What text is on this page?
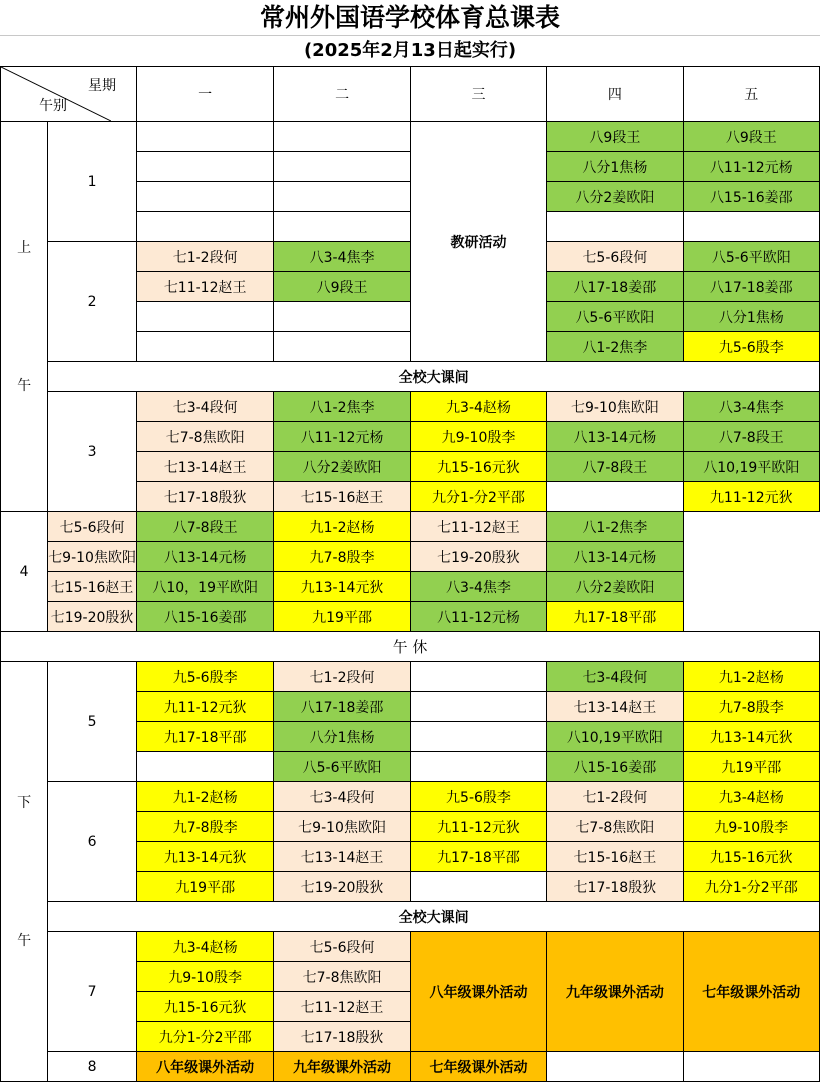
常州外国语学校体育总课表
(2025年2月13日起实行)
星期
午别		一	二	三	四	五
上

午	1			教研活动	八9段王	八9段王
					八分1焦杨	八11-12元杨
					八分2姜欧阳	八15-16姜邵

	2	七1-2段何	八3-4焦李		七5-6段何	八5-6平欧阳
		七11-12赵王	八9段王		八17-18姜邵	八17-18姜邵
					八5-6平欧阳	八分1焦杨
					八1-2焦李	九5-6殷李
	全校大课间					
	3	七3-4段何	八1-2焦李	九3-4赵杨	七9-10焦欧阳	八3-4焦李
		七7-8焦欧阳	八11-12元杨	九9-10殷李	八13-14元杨	八7-8段王
		七13-14赵王	八分2姜欧阳	九15-16元狄	八7-8段王	八10,19平欧阳
		七17-18殷狄	七15-16赵王	九分1-分2平邵		九11-12元狄
4	七5-6段何	八7-8段王	九1-2赵杨	七11-12赵王	八1-2焦李	
	七9-10焦欧阳	八13-14元杨	九7-8殷李	七19-20殷狄	八13-14元杨	
	七15-16赵王	八10，19平欧阳	九13-14元狄	八3-4焦李	八分2姜欧阳	
	七19-20殷狄	八15-16姜邵	九19平邵	八11-12元杨	九17-18平邵	
午 休						
下

午	5	九5-6殷李	七1-2段何		七3-4段何	九1-2赵杨
		九11-12元狄	八17-18姜邵		七13-14赵王	九7-8殷李
		九17-18平邵	八分1焦杨		八10,19平欧阳	九13-14元狄
			八5-6平欧阳		八15-16姜邵	九19平邵
	6	九1-2赵杨	七3-4段何	九5-6殷李	七1-2段何	九3-4赵杨
		九7-8殷李	七9-10焦欧阳	九11-12元狄	七7-8焦欧阳	九9-10殷李
		九13-14元狄	七13-14赵王	九17-18平邵	七15-16赵王	九15-16元狄
		九19平邵	七19-20殷狄		七17-18殷狄	九分1-分2平邵
	全校大课间					
	7	九3-4赵杨	七5-6段何	八年级课外活动	九年级课外活动	七年级课外活动
		九9-10殷李	七7-8焦欧阳			
		九15-16元狄	七11-12赵王			
		九分1-分2平邵	七17-18殷狄			
	8	八年级课外活动	九年级课外活动	七年级课外活动		
